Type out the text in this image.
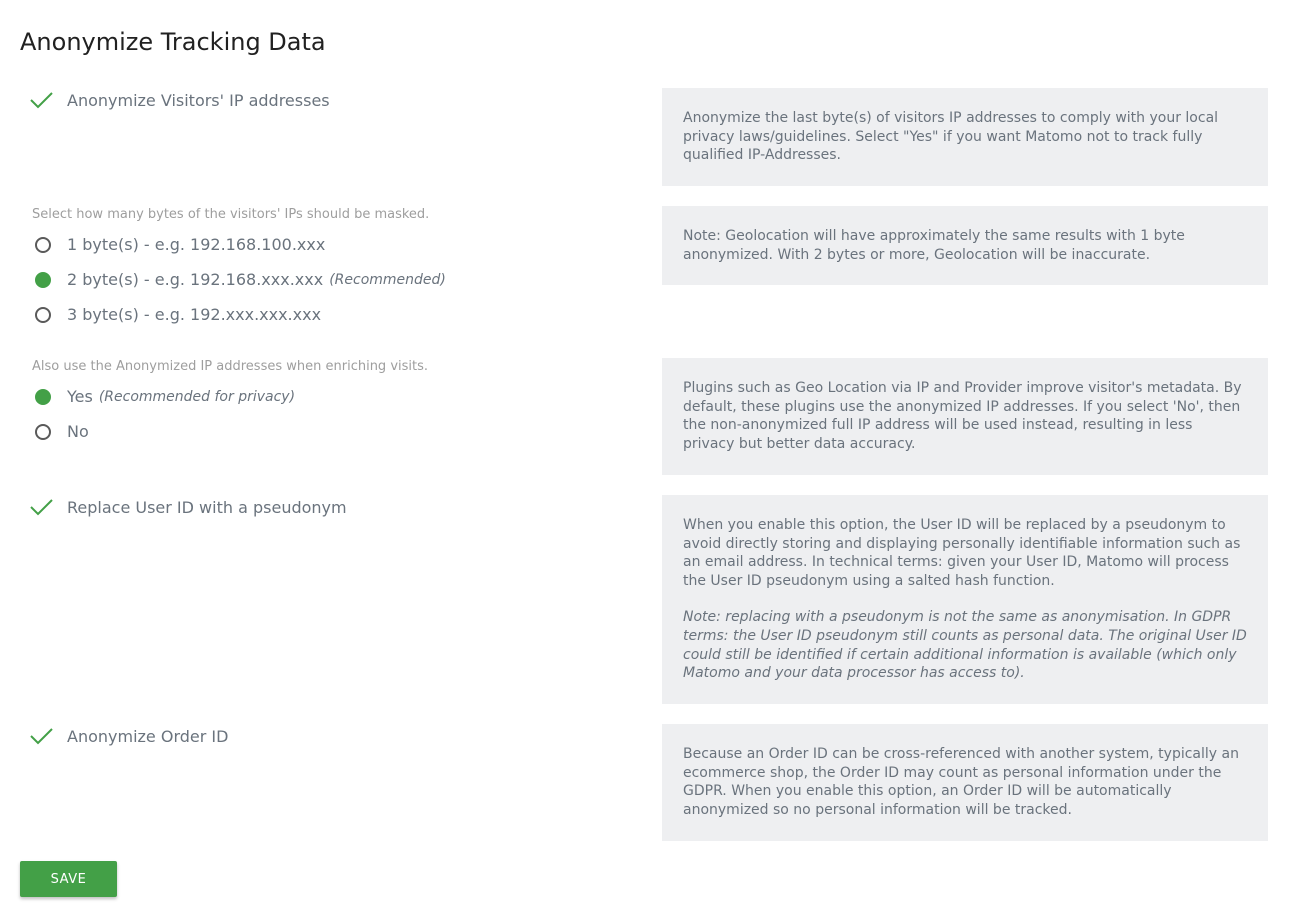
Anonymize Tracking Data
Anonymize Visitors' IP addresses

Anonymize the last byte(s) of visitors IP addresses to comply with your local privacy laws/guidelines. Select "Yes" if you want Matomo not to track fully qualified IP-Addresses.

Select how many bytes of the visitors' IPs should be masked.
1 byte(s) - e.g. 192.168.100.xxx
2 byte(s) - e.g. 192.168.xxx.xxx (Recommended)
3 byte(s) - e.g. 192.xxx.xxx.xxx

Note: Geolocation will have approximately the same results with 1 byte anonymized. With 2 bytes or more, Geolocation will be inaccurate.

Also use the Anonymized IP addresses when enriching visits.
Yes (Recommended for privacy)
No

Plugins such as Geo Location via IP and Provider improve visitor's metadata. By default, these plugins use the anonymized IP addresses. If you select 'No', then the non-anonymized full IP address will be used instead, resulting in less privacy but better data accuracy.

Replace User ID with a pseudonym

When you enable this option, the User ID will be replaced by a pseudonym to avoid directly storing and displaying personally identifiable information such as an email address. In technical terms: given your User ID, Matomo will process the User ID pseudonym using a salted hash function.

Note: replacing with a pseudonym is not the same as anonymisation. In GDPR terms: the User ID pseudonym still counts as personal data. The original User ID could still be identified if certain additional information is available (which only Matomo and your data processor has access to).

Anonymize Order ID

Because an Order ID can be cross-referenced with another system, typically an ecommerce shop, the Order ID may count as personal information under the GDPR. When you enable this option, an Order ID will be automatically anonymized so no personal information will be tracked.

SAVE
